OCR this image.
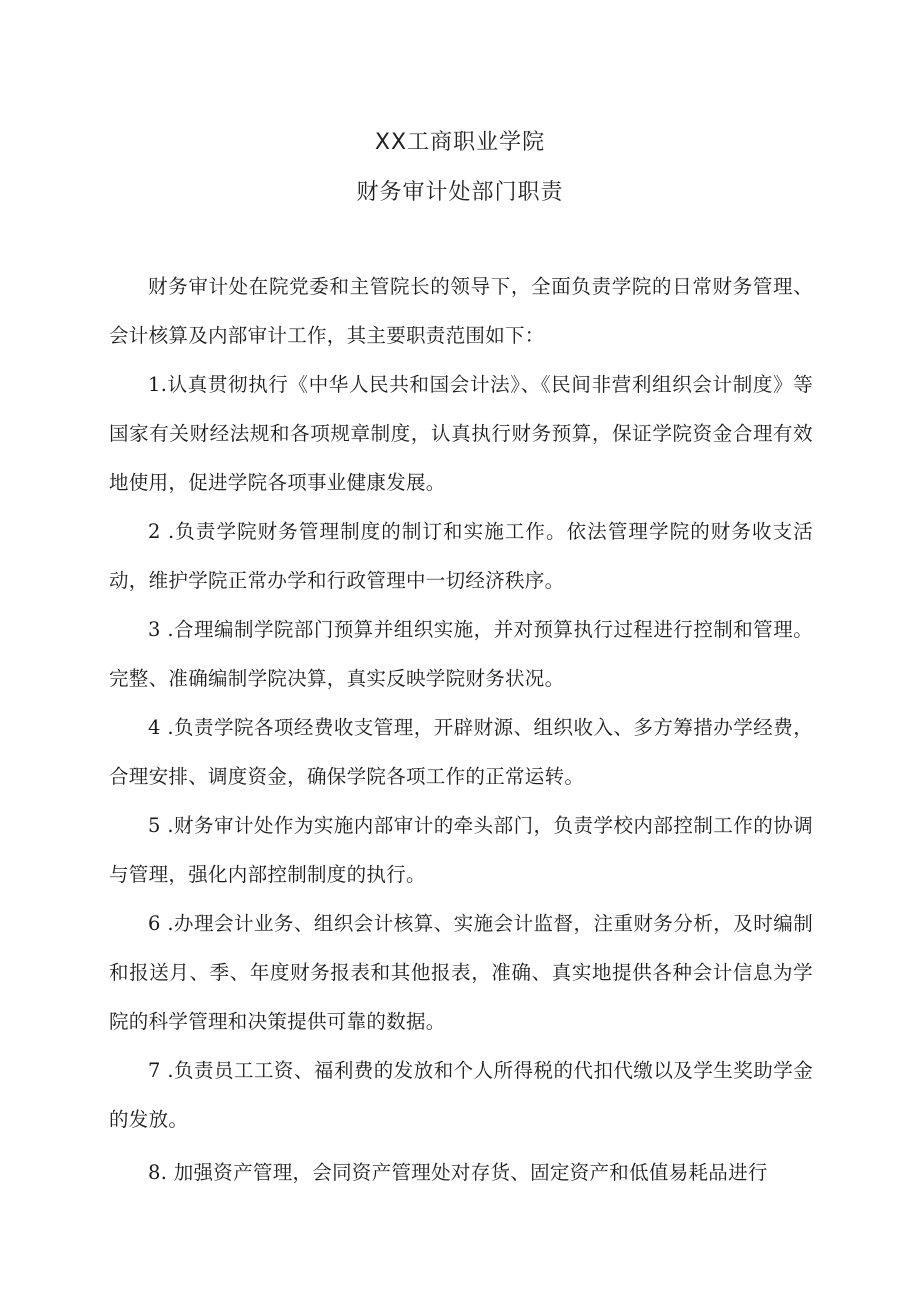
XX工商职业学院
财务审计处部门职责

财务审计处在院党委和主管院长的领导下，全面负责学院的日常财务管理、会计核算及内部审计工作，其主要职责范围如下：

1.认真贯彻执行《中华人民共和国会计法》、《民间非营利组织会计制度》等国家有关财经法规和各项规章制度，认真执行财务预算，保证学院资金合理有效地使用，促进学院各项事业健康发展。

2 .负责学院财务管理制度的制订和实施工作。依法管理学院的财务收支活动，维护学院正常办学和行政管理中一切经济秩序。

3 .合理编制学院部门预算并组织实施，并对预算执行过程进行控制和管理。完整、准确编制学院决算，真实反映学院财务状况。

4 .负责学院各项经费收支管理，开辟财源、组织收入、多方筹措办学经费，合理安排、调度资金，确保学院各项工作的正常运转。

5 .财务审计处作为实施内部审计的牵头部门，负责学校内部控制工作的协调与管理，强化内部控制制度的执行。

6 .办理会计业务、组织会计核算、实施会计监督，注重财务分析，及时编制和报送月、季、年度财务报表和其他报表，准确、真实地提供各种会计信息为学院的科学管理和决策提供可靠的数据。

7 .负责员工工资、福利费的发放和个人所得税的代扣代缴以及学生奖助学金的发放。

8. 加强资产管理，会同资产管理处对存货、固定资产和低值易耗品进行
